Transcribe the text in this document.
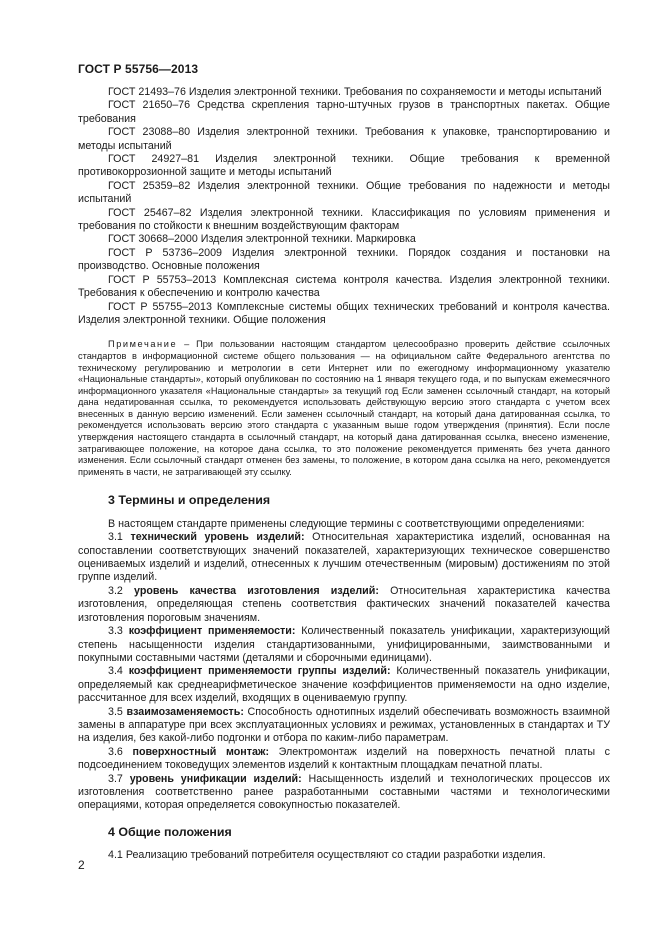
ГОСТ Р 55756—2013

ГОСТ 21493–76 Изделия электронной техники. Требования по сохраняемости и методы испытаний

ГОСТ 21650–76 Средства скрепления тарно-штучных грузов в транспортных пакетах. Общие требования

ГОСТ 23088–80 Изделия электронной техники. Требования к упаковке, транспортированию и методы испытаний

ГОСТ 24927–81 Изделия электронной техники. Общие требования к временной противокоррозионной защите и методы испытаний

ГОСТ 25359–82 Изделия электронной техники. Общие требования по надежности и методы испытаний

ГОСТ 25467–82 Изделия электронной техники. Классификация по условиям применения и требования по стойкости к внешним воздействующим факторам

ГОСТ 30668–2000 Изделия электронной техники. Маркировка

ГОСТ Р 53736–2009 Изделия электронной техники. Порядок создания и постановки на производство. Основные положения

ГОСТ Р 55753–2013 Комплексная система контроля качества. Изделия электронной техники. Требования к обеспечению и контролю качества

ГОСТ Р 55755–2013 Комплексные системы общих технических требований и контроля качества. Изделия электронной техники. Общие положения

Примечание – При пользовании настоящим стандартом целесообразно проверить действие ссылочных стандартов в информационной системе общего пользования — на официальном сайте Федерального агентства по техническому регулированию и метрологии в сети Интернет или по ежегодному информационному указателю «Национальные стандарты», который опубликован по состоянию на 1 января текущего года, и по выпускам ежемесячного информационного указателя «Национальные стандарты» за текущий год Если заменен ссылочный стандарт, на который дана недатированная ссылка, то рекомендуется использовать действующую версию этого стандарта с учетом всех внесенных в данную версию изменений. Если заменен ссылочный стандарт, на который дана датированная ссылка, то рекомендуется использовать версию этого стандарта с указанным выше годом утверждения (принятия). Если после утверждения настоящего стандарта в ссылочный стандарт, на который дана датированная ссылка, внесено изменение, затрагивающее положение, на которое дана ссылка, то это положение рекомендуется применять без учета данного изменения. Если ссылочный стандарт отменен без замены, то положение, в котором дана ссылка на него, рекомендуется применять в части, не затрагивающей эту ссылку.

3 Термины и определения

В настоящем стандарте применены следующие термины с соответствующими определениями:

3.1 технический уровень изделий: Относительная характеристика изделий, основанная на сопоставлении соответствующих значений показателей, характеризующих техническое совершенство оцениваемых изделий и изделий, отнесенных к лучшим отечественным (мировым) достижениям по этой группе изделий.

3.2 уровень качества изготовления изделий: Относительная характеристика качества изготовления, определяющая степень соответствия фактических значений показателей качества изготовления пороговым значениям.

3.3 коэффициент применяемости: Количественный показатель унификации, характеризующий степень насыщенности изделия стандартизованными, унифицированными, заимствованными и покупными составными частями (деталями и сборочными единицами).

3.4 коэффициент применяемости группы изделий: Количественный показатель унификации, определяемый как среднеарифметическое значение коэффициентов применяемости на одно изделие, рассчитанное для всех изделий, входящих в оцениваемую группу.

3.5 взаимозаменяемость: Способность однотипных изделий обеспечивать возможность взаимной замены в аппаратуре при всех эксплуатационных условиях и режимах, установленных в стандартах и ТУ на изделия, без какой-либо подгонки и отбора по каким-либо параметрам.

3.6 поверхностный монтаж: Электромонтаж изделий на поверхность печатной платы с подсоединением токоведущих элементов изделий к контактным площадкам печатной платы.

3.7 уровень унификации изделий: Насыщенность изделий и технологических процессов их изготовления соответственно ранее разработанными составными частями и технологическими операциями, которая определяется совокупностью показателей.

4 Общие положения

4.1 Реализацию требований потребителя осуществляют со стадии разработки изделия.

2
